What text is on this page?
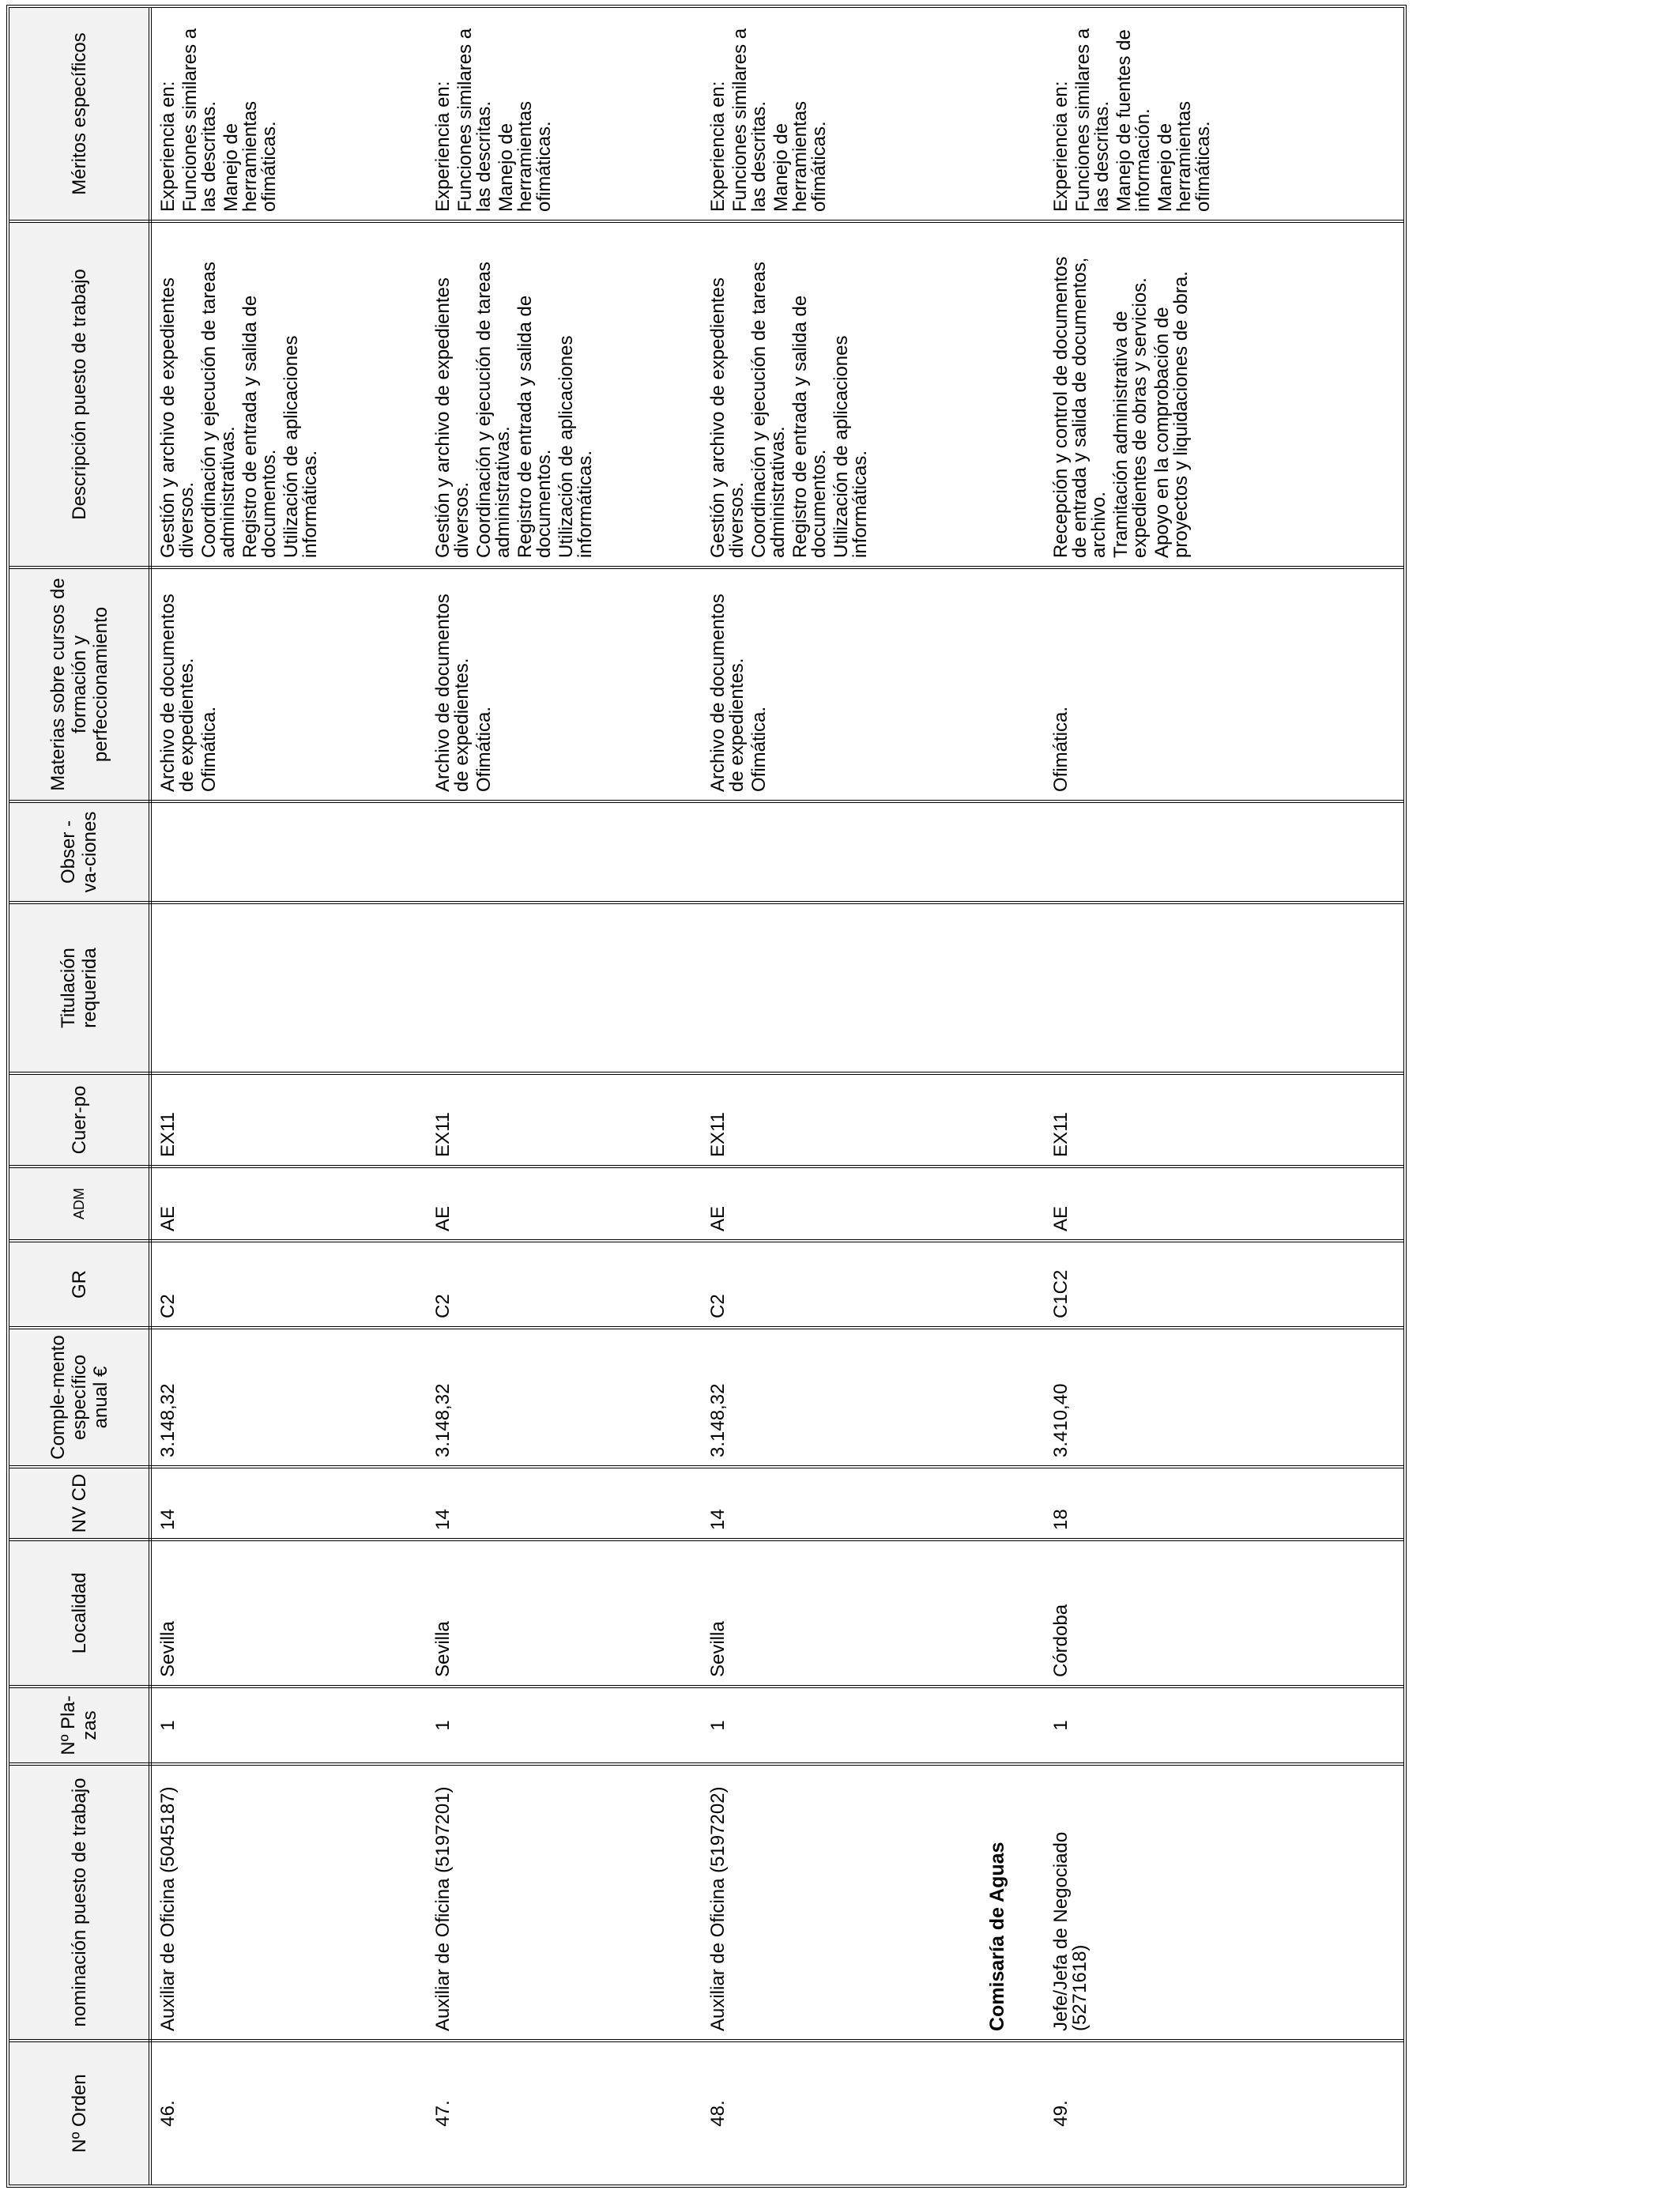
Nº Orden
nominación puesto de trabajo
Nº Pla-zas
Localidad
NV CD
Comple-mento específico anual €
GR
ADM
Cuer-po
Titulación requerida
Obser -va-ciones
Materias sobre cursos de formación y perfeccionamiento
Descripción puesto de trabajo
Méritos específicos
46.
Auxiliar de Oficina (5045187)
1
Sevilla
14
3.148,32
C2
AE
EX11

Archivo de documentos de expedientes. Ofimática.

Gestión y archivo de expedientes diversos. Coordinación y ejecución de tareas administrativas. Registro de entrada y salida de documentos. Utilización de aplicaciones informáticas.

Experiencia en: Funciones similares a las descritas. Manejo de herramientas ofimáticas.

47.
Auxiliar de Oficina (5197201)
1
Sevilla
14
3.148,32
C2
AE
EX11

Archivo de documentos de expedientes. Ofimática.

Gestión y archivo de expedientes diversos. Coordinación y ejecución de tareas administrativas. Registro de entrada y salida de documentos. Utilización de aplicaciones informáticas.

Experiencia en: Funciones similares a las descritas. Manejo de herramientas ofimáticas.

48.
Auxiliar de Oficina (5197202)
1
Sevilla
14
3.148,32
C2
AE
EX11

Archivo de documentos de expedientes. Ofimática.

Gestión y archivo de expedientes diversos. Coordinación y ejecución de tareas administrativas. Registro de entrada y salida de documentos. Utilización de aplicaciones informáticas.

Experiencia en: Funciones similares a las descritas. Manejo de herramientas ofimáticas.

Comisaría de Aguas
49.
Jefe/Jefa de Negociado (5271618)
1
Córdoba
18
3.410,40
C1C2
AE
EX11

Ofimática.

Recepción y control de documentos de entrada y salida de documentos, archivo. Tramitación administrativa de expedientes de obras y servicios. Apoyo en la comprobación de proyectos y liquidaciones de obra.

Experiencia en: Funciones similares a las descritas. Manejo de fuentes de información. Manejo de herramientas ofimáticas.
